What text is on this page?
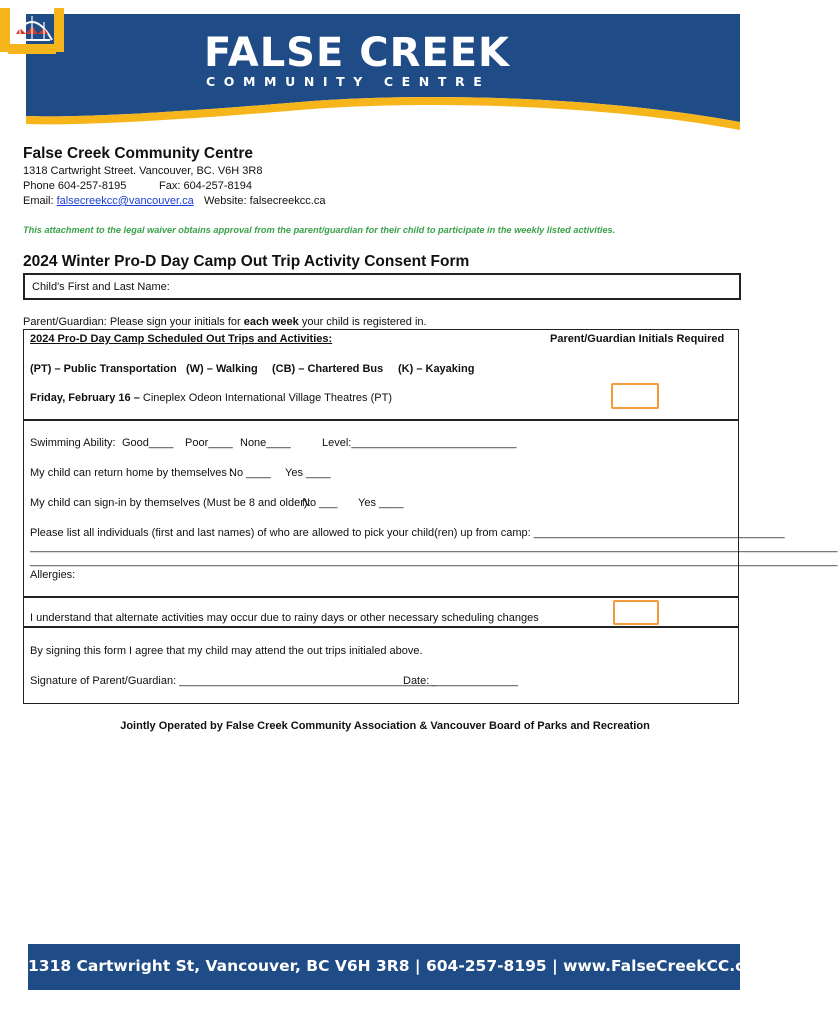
FALSE CREEK
COMMUNITY CENTRE
False Creek Community Centre
1318 Cartwright Street. Vancouver, BC. V6H 3R8
Phone 604-257-8195	Fax: 604-257-8194
Email: falsecreekcc@vancouver.ca Website: falsecreekcc.ca
This attachment to the legal waiver obtains approval from the parent/guardian for their child to participate in the weekly listed activities.
2024 Winter Pro-D Day Camp Out Trip Activity Consent Form
Child's First and Last Name:
Parent/Guardian: Please sign your initials for each week your child is registered in.
2024 Pro-D Day Camp Scheduled Out Trips and Activities:	Parent/Guardian Initials Required
(PT) – Public Transportation (W) – Walking (CB) – Chartered Bus (K) – Kayaking
Friday, February 16 – Cineplex Odeon International Village Theatres (PT)
Swimming Ability: Good____ Poor____ None____	Level:___________________________
My child can return home by themselves :
No ____ Yes ____
My child can sign-in by themselves (Must be 8 and older):
No ___ Yes ____
Please list all individuals (first and last names) of who are allowed to pick your child(ren) up from camp: _________________________________________
____________________________________________________________________________________________________________________________________
____________________________________________________________________________________________________________________________________
Allergies:
I understand that alternate activities may occur due to rainy days or other necessary scheduling changes
By signing this form I agree that my child may attend the out trips initialed above.
Signature of Parent/Guardian: __________________________________________
Date: ______________
Jointly Operated by False Creek Community Association & Vancouver Board of Parks and Recreation
1318 Cartwright St, Vancouver, BC V6H 3R8 | 604-257-8195 | www.FalseCreekCC.ca
